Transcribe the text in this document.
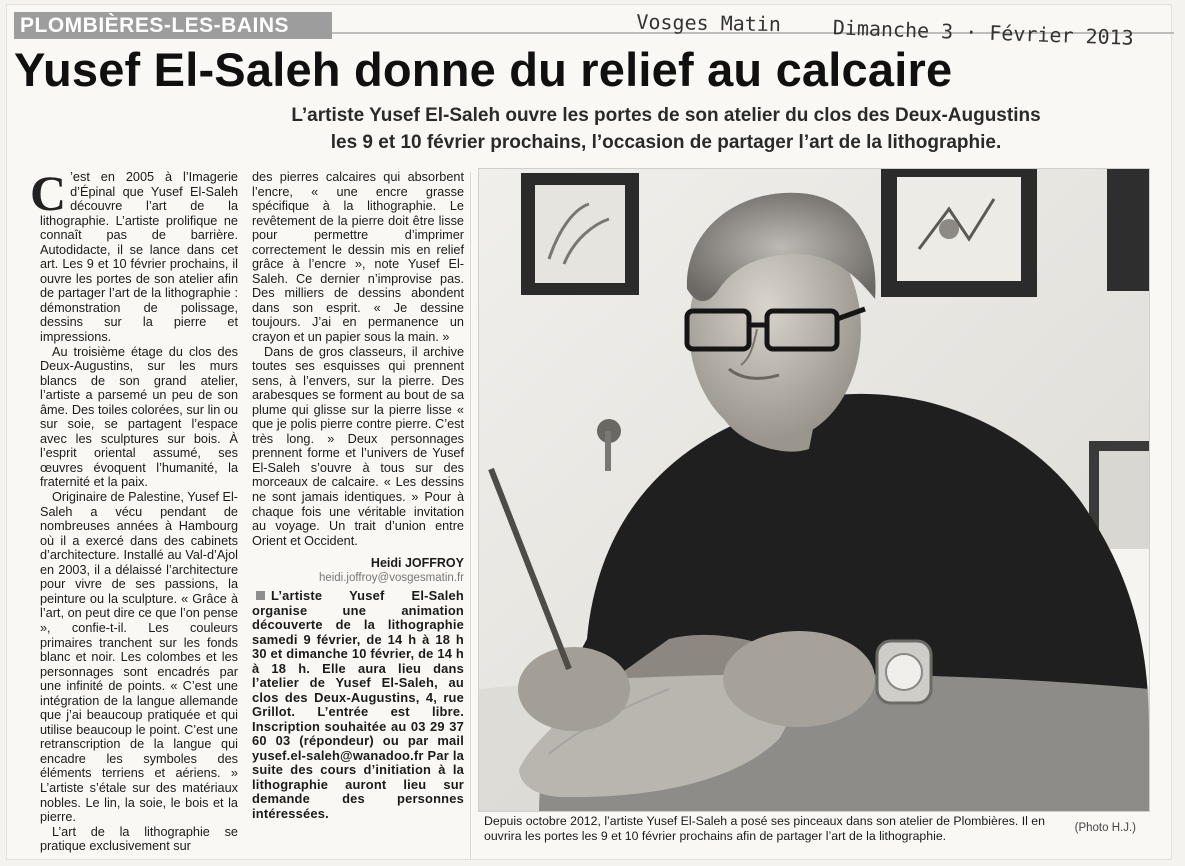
PLOMBIÈRES-LES-BAINS	Vosges Matin	Dimanche 3 · Février 2013
Yusef El-Saleh donne du relief au calcaire
L’artiste Yusef El-Saleh ouvre les portes de son atelier du clos des Deux-Augustins
les 9 et 10 février prochains, l’occasion de partager l’art de la lithographie.

C ’est en 2005 à l’Imagerie d’Épinal que Yusef El-Saleh découvre l’art de la lithographie. L’artiste prolifique ne connaît pas de barrière. Autodidacte, il se lance dans cet art. Les 9 et 10 février prochains, il ouvre les portes de son atelier afin de partager l’art de la lithographie : démonstration de polissage, dessins sur la pierre et impressions.

Au troisième étage du clos des Deux-Augustins, sur les murs blancs de son grand atelier, l’artiste a parsemé un peu de son âme. Des toiles colorées, sur lin ou sur soie, se partagent l’espace avec les sculptures sur bois. À l’esprit oriental assumé, ses œuvres évoquent l’humanité, la fraternité et la paix.

Originaire de Palestine, Yusef El-Saleh a vécu pendant de nombreuses années à Hambourg où il a exercé dans des cabinets d’architecture. Installé au Val-d’Ajol en 2003, il a délaissé l’architecture pour vivre de ses passions, la peinture ou la sculpture. « Grâce à l’art, on peut dire ce que l’on pense », confie-t-il. Les couleurs primaires tranchent sur les fonds blanc et noir. Les colombes et les personnages sont encadrés par une infinité de points. « C’est une intégration de la langue allemande que j’ai beaucoup pratiquée et qui utilise beaucoup le point. C’est une retranscription de la langue qui encadre les symboles des éléments terriens et aériens. » L’artiste s’étale sur des matériaux nobles. Le lin, la soie, le bois et la pierre.

L’art de la lithographie se pratique exclusivement sur

des pierres calcaires qui absorbent l’encre, « une encre grasse spécifique à la lithographie. Le revêtement de la pierre doit être lisse pour permettre d’imprimer correctement le dessin mis en relief grâce à l’encre », note Yusef El-Saleh. Ce dernier n’improvise pas. Des milliers de dessins abondent dans son esprit. « Je dessine toujours. J’ai en permanence un crayon et un papier sous la main. »

Dans de gros classeurs, il archive toutes ses esquisses qui prennent sens, à l’envers, sur la pierre. Des arabesques se forment au bout de sa plume qui glisse sur la pierre lisse « que je polis pierre contre pierre. C’est très long. » Deux personnages prennent forme et l’univers de Yusef El-Saleh s’ouvre à tous sur des morceaux de calcaire. « Les dessins ne sont jamais identiques. » Pour à chaque fois une véritable invitation au voyage. Un trait d’union entre Orient et Occident.

Heidi JOFFROY

heidi.joffroy@vosgesmatin.fr

L’artiste Yusef El-Saleh organise une animation découverte de la lithographie samedi 9 février, de 14 h à 18 h 30 et dimanche 10 février, de 14 h à 18 h. Elle aura lieu dans l’atelier de Yusef El-Saleh, au clos des Deux-Augustins, 4, rue Grillot. L’entrée est libre. Inscription souhaitée au 03 29 37 60 03 (répondeur) ou par mail yusef.el-saleh@wanadoo.fr Par la suite des cours d’initiation à la lithographie auront lieu sur demande des personnes intéressées.

Depuis octobre 2012, l’artiste Yusef El-Saleh a posé ses pinceaux dans son atelier de Plombières. Il en
ouvrira les portes les 9 et 10 février prochains afin de partager l’art de la lithographie.
(Photo H.J.)
